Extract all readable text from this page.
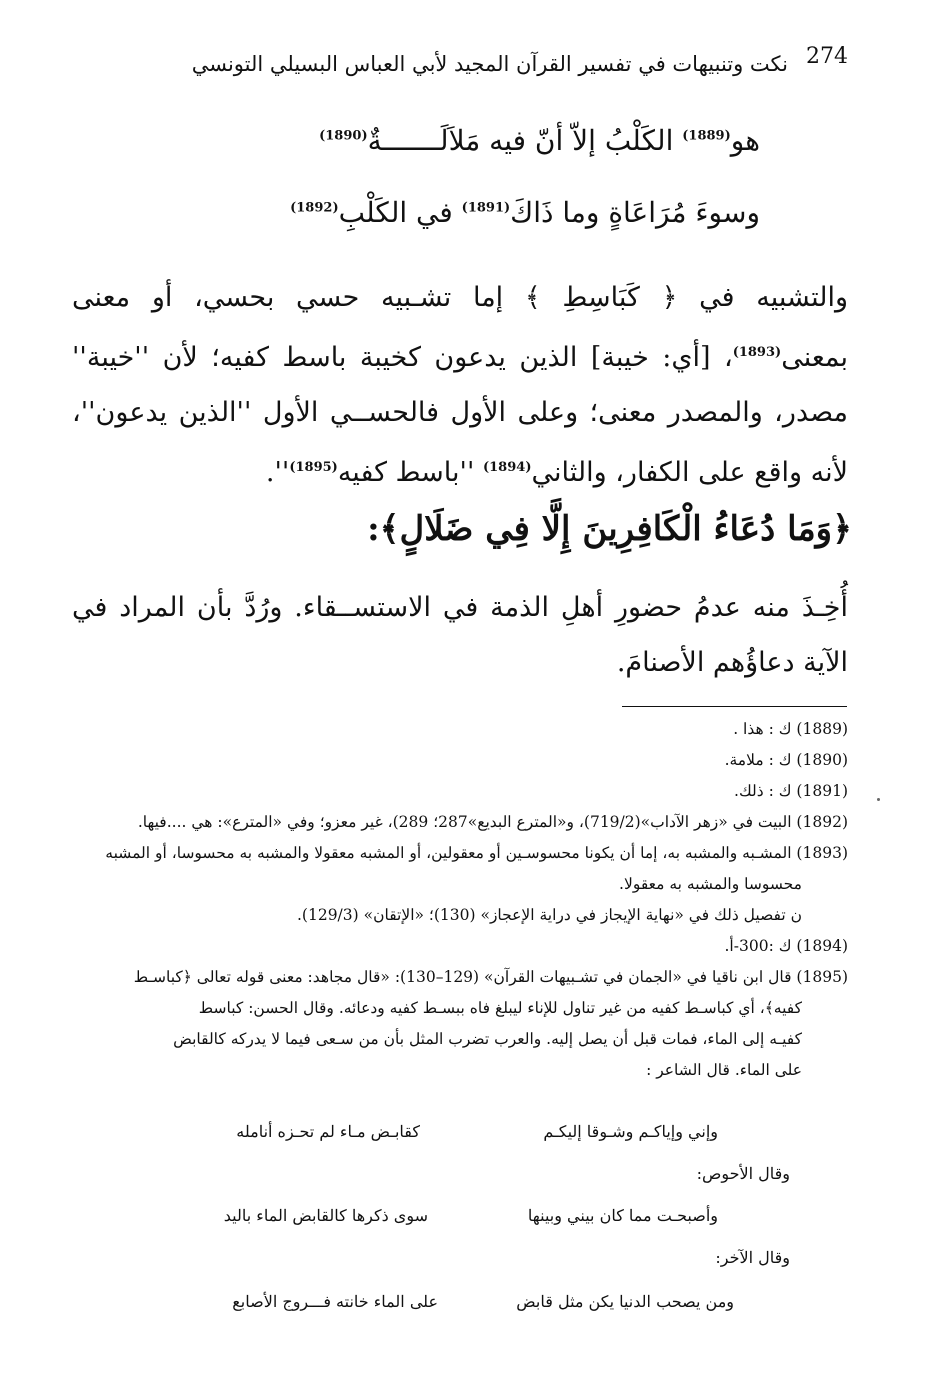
274
نكت وتنبيهات في تفسير القرآن المجيد لأبي العباس البسيلي التونسي
هو$^{(1889)}$ الكَلْبُ إلاّ أنّ فيه مَلاَلَـــــــةٌ$^{(1890)}$
وسوءَ مُرَاعَاةٍ وما ذَاكَ$^{(1891)}$ في الكَلْبِ$^{(1892)}$
والتشبيه في ﴿ كَبَاسِطِ ﴾ إما تشـبيه حسي بحسي، أو معنى بمعنى$^{(1893)}$، [أي: خيبة] الذين يدعون كخيبة باسط كفيه؛ لأن ''خيبة'' مصدر، والمصدر معنى؛ وعلى الأول فالحســي الأول ''الذين يدعون''، لأنه واقع على الكفار، والثاني$^{(1894)}$ ''باسط كفيه$^{(1895)}$''.
﴿وَمَا دُعَاءُ الْكَافِرِينَ إِلَّا فِي ضَلَالٍ﴾:
أُخِـذَ منه عدمُ حضورِ أهلِ الذمة في الاستســقاء. ورُدَّ بأن المراد في الآية دعاؤُهم الأصنامَ.
(1889) ك : هذا .
(1890) ك : ملامة.
(1891) ك : ذلك.
(1892) البيت في «زهر الآداب»(719/2)، و«المترع البديع»287؛ 289)، غير معزو؛ وفي «المترع»: هي ....فيها.
(1893) المشـبه والمشبه به، إما أن يكونا محسوسـين أو معقولين، أو المشبه معقولا والمشبه به محسوسا، أو المشبه
محسوسا والمشبه به معقولا.
ن تفصيل ذلك في «نهاية الإيجاز في دراية الإعجاز» (130)؛ «الإتقان» (129/3).
(1894) ك :300-أ.
(1895) قال ابن ناقيا في «الجمان في تشـبيهات القرآن» (129–130): «قال مجاهد: معنى قوله تعالى ﴿كباسـط
كفيه﴾، أي كباسـط كفيه من غير تناول للإناء ليبلغ فاه ببسـط كفيه ودعائه. وقال الحسن: كباسط
كفيـه إلى الماء، فمات قبل أن يصل إليه. والعرب تضرب المثل بأن من سـعى فيما لا يدركه كالقابض
على الماء. قال الشاعر :
وإني وإياكـم وشـوقا إليكـم
كقابـض مـاء لم تحـزه أنامله
وقال الأحوص:
وأصبحـت مما كان بيني وبينها
سوى ذكرها كالقابض الماء باليد
وقال الآخر:
ومن يصحب الدنيا يكن مثل قابض
على الماء خانته فـــروج الأصابع
